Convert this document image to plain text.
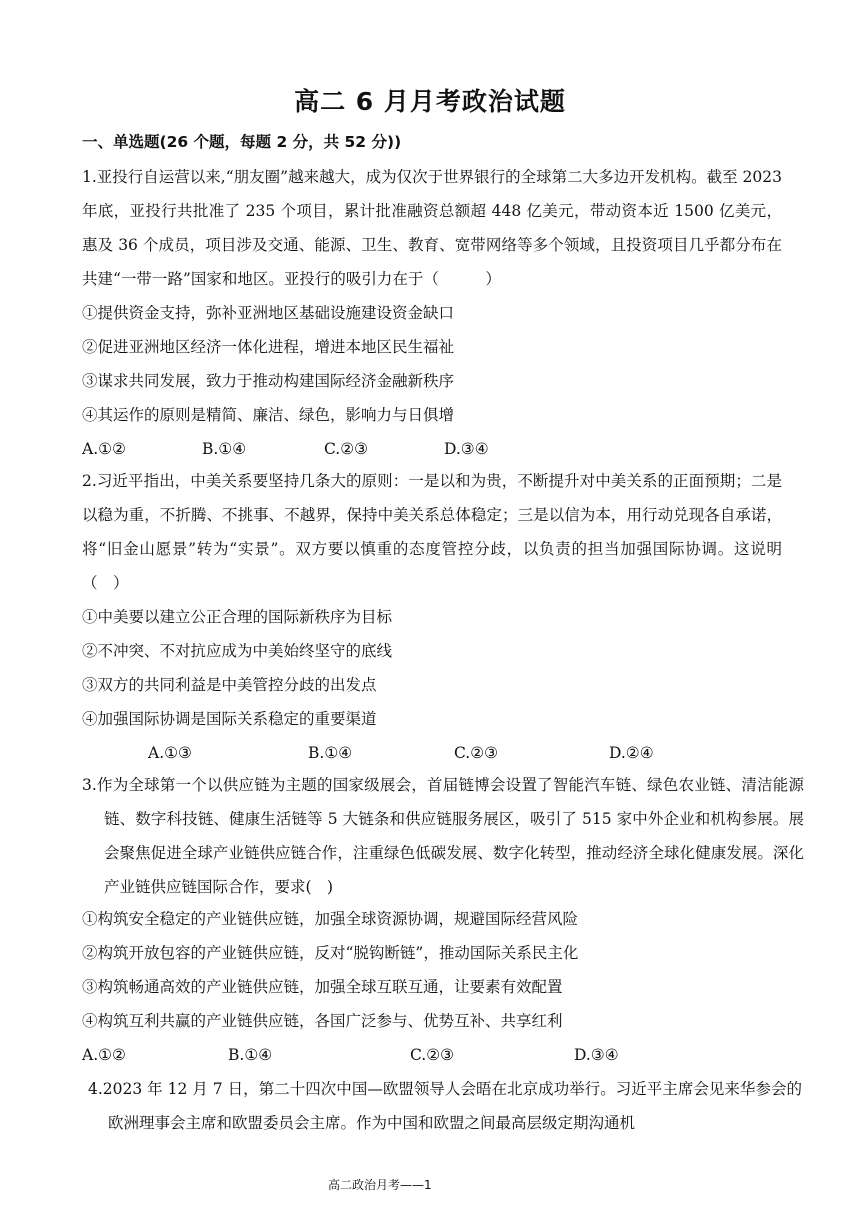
高二 6 月月考政治试题
一、单选题(26 个题，每题 2 分，共 52 分))
1.亚投行自运营以来,“朋友圈”越来越大，成为仅次于世界银行的全球第二大多边开发机构。截至 2023 年底，亚投行共批准了 235 个项目，累计批准融资总额超 448 亿美元，带动资本近 1500 亿美元，惠及 36 个成员，项目涉及交通、能源、卫生、教育、宽带网络等多个领域，且投资项目几乎都分布在共建“一带一路”国家和地区。亚投行的吸引力在于（　　　）
①提供资金支持，弥补亚洲地区基础设施建设资金缺口
②促进亚洲地区经济一体化进程，增进本地区民生福祉
③谋求共同发展，致力于推动构建国际经济金融新秩序
④其运作的原则是精简、廉洁、绿色，影响力与日俱增
A.①②	B.①④	C.②③	D.③④
2.习近平指出，中美关系要坚持几条大的原则：一是以和为贵，不断提升对中美关系的正面预期；二是以稳为重，不折腾、不挑事、不越界，保持中美关系总体稳定；三是以信为本，用行动兑现各自承诺，将“旧金山愿景”转为“实景”。双方要以慎重的态度管控分歧，以负责的担当加强国际协调。这说明（　）
①中美要以建立公正合理的国际新秩序为目标
②不冲突、不对抗应成为中美始终坚守的底线
③双方的共同利益是中美管控分歧的出发点
④加强国际协调是国际关系稳定的重要渠道
A.①③	B.①④	C.②③	D.②④
3.作为全球第一个以供应链为主题的国家级展会，首届链博会设置了智能汽车链、绿色农业链、清洁能源链、数字科技链、健康生活链等 5 大链条和供应链服务展区，吸引了 515 家中外企业和机构参展。展会聚焦促进全球产业链供应链合作，注重绿色低碳发展、数字化转型，推动经济全球化健康发展。深化产业链供应链国际合作，要求(　)
①构筑安全稳定的产业链供应链，加强全球资源协调，规避国际经营风险
②构筑开放包容的产业链供应链，反对“脱钩断链”，推动国际关系民主化
③构筑畅通高效的产业链供应链，加强全球互联互通，让要素有效配置
④构筑互利共赢的产业链供应链，各国广泛参与、优势互补、共享红利
A.①②	B.①④	C.②③	D.③④
4.2023 年 12 月 7 日，第二十四次中国—欧盟领导人会晤在北京成功举行。习近平主席会见来华参会的欧洲理事会主席和欧盟委员会主席。作为中国和欧盟之间最高层级定期沟通机
高二政治月考——1
